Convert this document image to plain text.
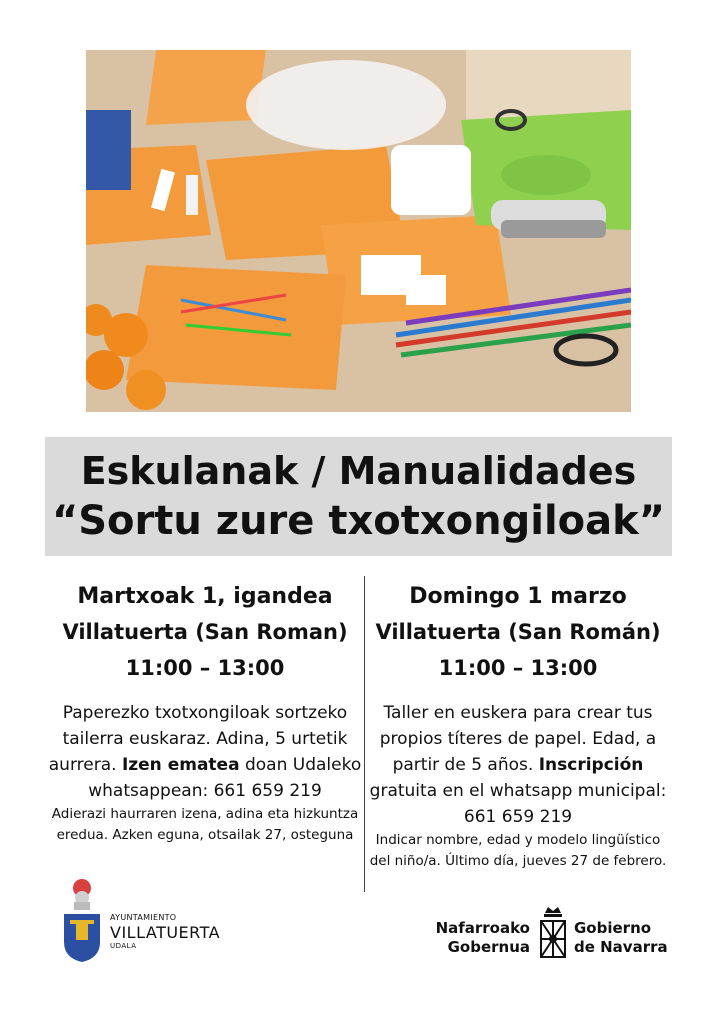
Eskulanak / Manualidades
“Sortu zure txotxongiloak”
Martxoak 1, igandea
Villatuerta (San Roman)
11:00 – 13:00
Paperezko txotxongiloak sortzeko tailerra euskaraz. Adina, 5 urtetik aurrera. Izen ematea doan Udaleko whatsappean: 661 659 219
Adierazi haurraren izena, adina eta hizkuntza eredua. Azken eguna, otsailak 27, osteguna
Domingo 1 marzo
Villatuerta (San Román)
11:00 – 13:00
Taller en euskera para crear tus propios títeres de papel. Edad, a partir de 5 años. Inscripción gratuita en el whatsapp municipal: 661 659 219
Indicar nombre, edad y modelo lingüístico del niño/a. Último día, jueves 27 de febrero.
AYUNTAMIENTO
VILLATUERTA
UDALA
Nafarroako
Gobernua
Gobierno
de Navarra
